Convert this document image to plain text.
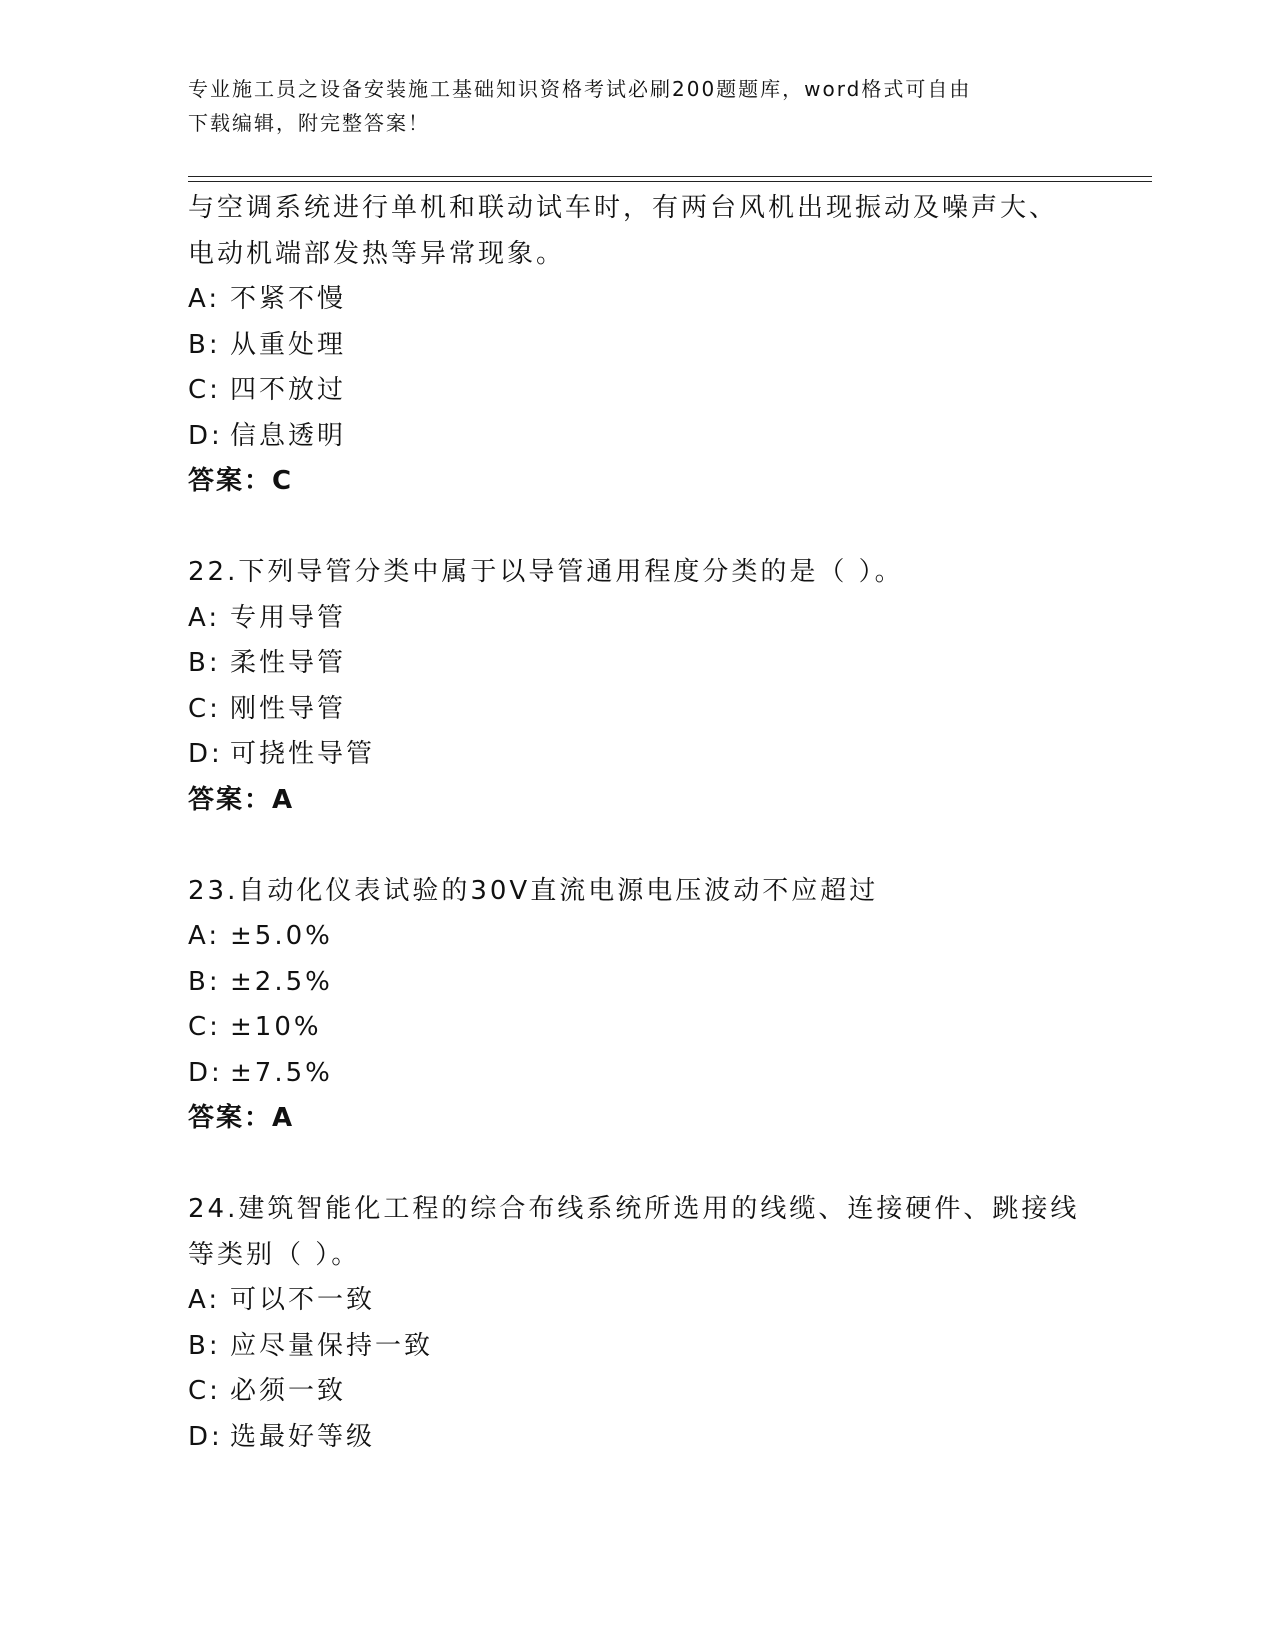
专业施工员之设备安装施工基础知识资格考试必刷200题题库，word格式可自由
下载编辑，附完整答案！
与空调系统进行单机和联动试车时，有两台风机出现振动及噪声大、
电动机端部发热等异常现象。
A: 不紧不慢
B: 从重处理
C: 四不放过
D: 信息透明
答案：C
22.下列导管分类中属于以导管通用程度分类的是（ ）。
A: 专用导管
B: 柔性导管
C: 刚性导管
D: 可挠性导管
答案：A
23.自动化仪表试验的30V直流电源电压波动不应超过
A: ±5.0%
B: ±2.5%
C: ±10%
D: ±7.5%
答案：A
24.建筑智能化工程的综合布线系统所选用的线缆、连接硬件、跳接线
等类别（ ）。
A: 可以不一致
B: 应尽量保持一致
C: 必须一致
D: 选最好等级
